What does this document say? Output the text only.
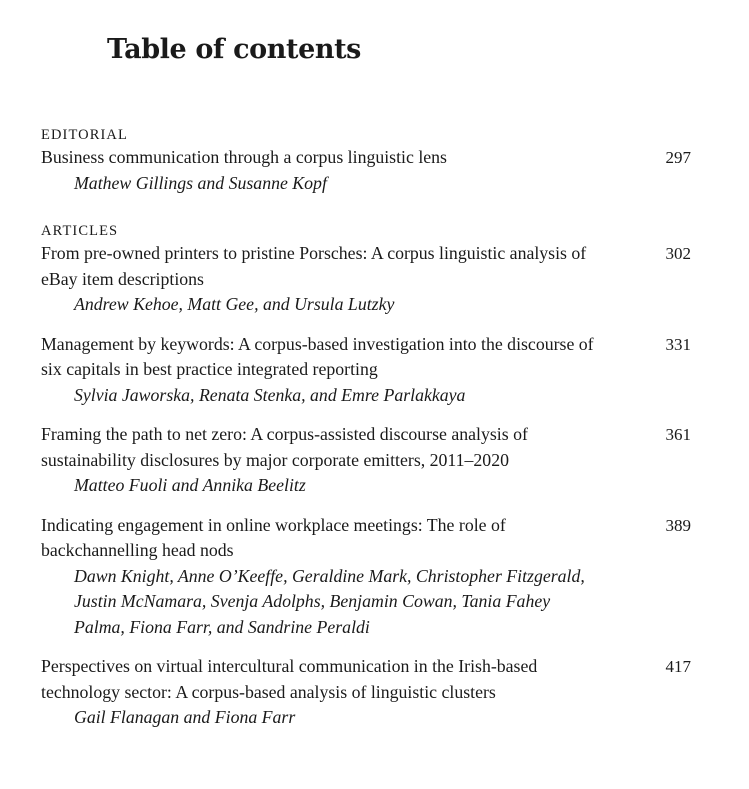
Table of contents

EDITORIAL

Business communication through a corpus linguistic lens	297

Mathew Gillings and Susanne Kopf

ARTICLES

From pre-owned printers to pristine Porsches: A corpus linguistic analysis of eBay item descriptions

302

Andrew Kehoe, Matt Gee, and Ursula Lutzky

Management by keywords: A corpus-based investigation into the discourse of six capitals in best practice integrated reporting

331

Sylvia Jaworska, Renata Stenka, and Emre Parlakkaya

Framing the path to net zero: A corpus-assisted discourse analysis of sustainability disclosures by major corporate emitters, 2011–2020

361

Matteo Fuoli and Annika Beelitz

Indicating engagement in online workplace meetings: The role of backchannelling head nods

389

Dawn Knight, Anne O’Keeffe, Geraldine Mark, Christopher Fitzgerald, Justin McNamara, Svenja Adolphs, Benjamin Cowan, Tania Fahey Palma, Fiona Farr, and Sandrine Peraldi

Perspectives on virtual intercultural communication in the Irish-based technology sector: A corpus-based analysis of linguistic clusters

417

Gail Flanagan and Fiona Farr
